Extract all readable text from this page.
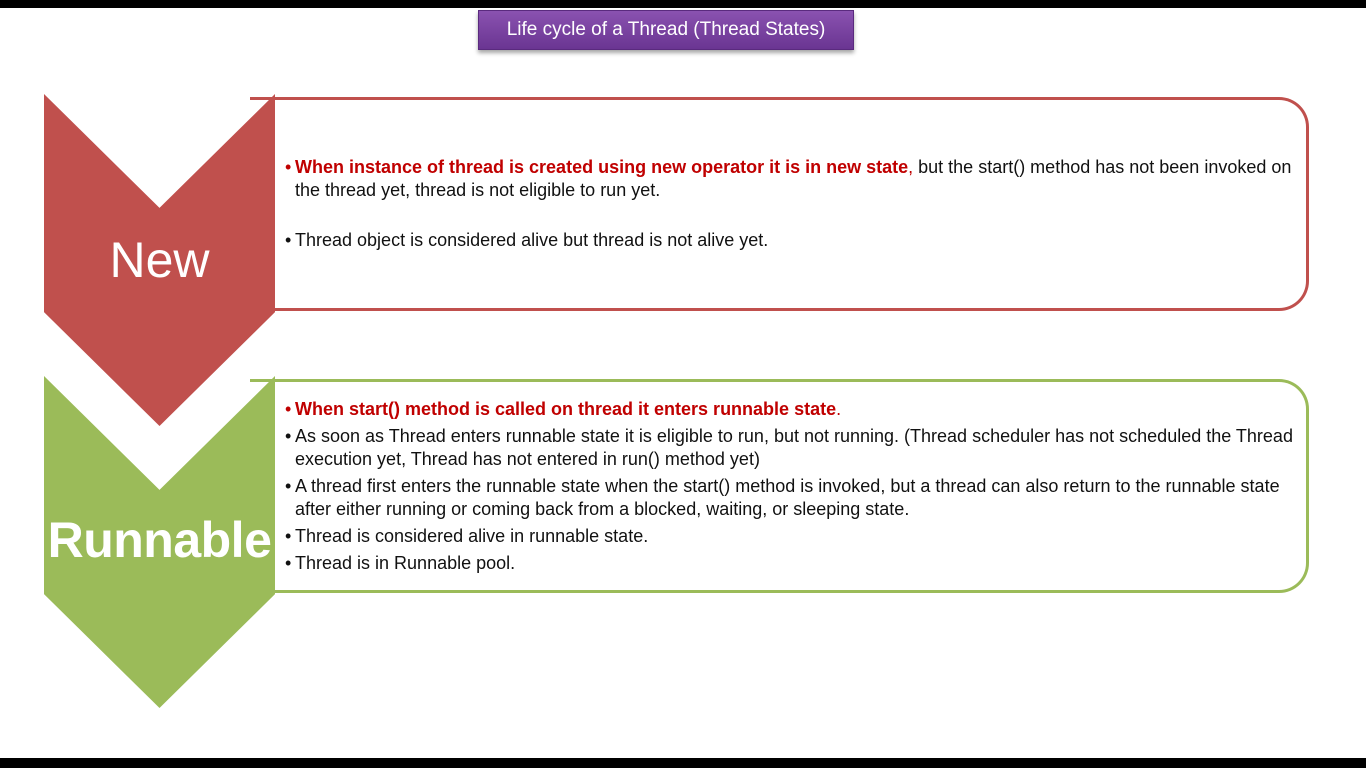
Life cycle of a Thread (Thread States)
New
• When instance of thread is created using new operator it is in new state, but the start() method has not been invoked on the thread yet, thread is not eligible to run yet.
• Thread object is considered alive but thread is not alive yet.
Runnable
• When start() method is called on thread it enters runnable state.
• As soon as Thread enters runnable state it is eligible to run, but not running. (Thread scheduler has not scheduled the Thread execution yet, Thread has not entered in run() method yet)
• A thread first enters the runnable state when the start() method is invoked, but a thread can also return to the runnable state after either running or coming back from a blocked, waiting, or sleeping state.
• Thread is considered alive in runnable state.
• Thread is in Runnable pool.
